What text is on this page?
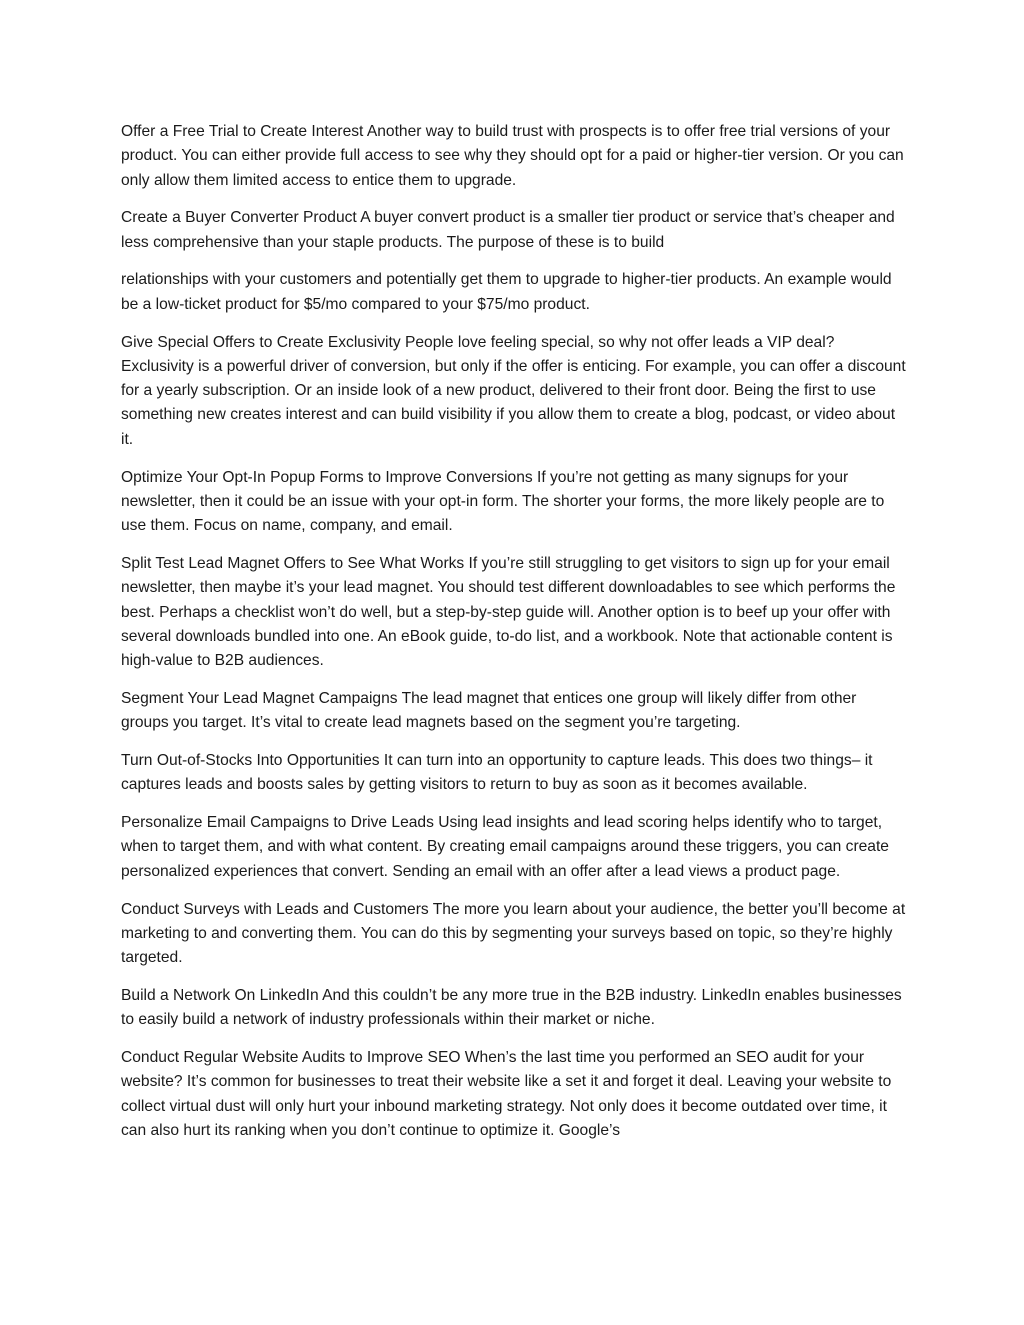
Offer a Free Trial to Create Interest Another way to build trust with prospects is to offer free trial versions of your product. You can either provide full access to see why they should opt for a paid or higher-tier version. Or you can only allow them limited access to entice them to upgrade.

Create a Buyer Converter Product A buyer convert product is a smaller tier product or service that’s cheaper and less comprehensive than your staple products. The purpose of these is to build

relationships with your customers and potentially get them to upgrade to higher-tier products. An example would be a low-ticket product for $5/mo compared to your $75/mo product.

Give Special Offers to Create Exclusivity People love feeling special, so why not offer leads a VIP deal? Exclusivity is a powerful driver of conversion, but only if the offer is enticing. For example, you can offer a discount for a yearly subscription. Or an inside look of a new product, delivered to their front door. Being the first to use something new creates interest and can build visibility if you allow them to create a blog, podcast, or video about it.

Optimize Your Opt-In Popup Forms to Improve Conversions If you’re not getting as many signups for your newsletter, then it could be an issue with your opt-in form. The shorter your forms, the more likely people are to use them. Focus on name, company, and email.

Split Test Lead Magnet Offers to See What Works If you’re still struggling to get visitors to sign up for your email newsletter, then maybe it’s your lead magnet. You should test different downloadables to see which performs the best. Perhaps a checklist won’t do well, but a step-by-step guide will. Another option is to beef up your offer with several downloads bundled into one. An eBook guide, to-do list, and a workbook. Note that actionable content is high-value to B2B audiences.

Segment Your Lead Magnet Campaigns The lead magnet that entices one group will likely differ from other groups you target. It’s vital to create lead magnets based on the segment you’re targeting.

Turn Out-of-Stocks Into Opportunities It can turn into an opportunity to capture leads. This does two things– it captures leads and boosts sales by getting visitors to return to buy as soon as it becomes available.

Personalize Email Campaigns to Drive Leads Using lead insights and lead scoring helps identify who to target, when to target them, and with what content. By creating email campaigns around these triggers, you can create personalized experiences that convert. Sending an email with an offer after a lead views a product page.

Conduct Surveys with Leads and Customers The more you learn about your audience, the better you’ll become at marketing to and converting them. You can do this by segmenting your surveys based on topic, so they’re highly targeted.

Build a Network On LinkedIn And this couldn’t be any more true in the B2B industry. LinkedIn enables businesses to easily build a network of industry professionals within their market or niche.

Conduct Regular Website Audits to Improve SEO When’s the last time you performed an SEO audit for your website? It’s common for businesses to treat their website like a set it and forget it deal. Leaving your website to collect virtual dust will only hurt your inbound marketing strategy. Not only does it become outdated over time, it can also hurt its ranking when you don’t continue to optimize it. Google’s
